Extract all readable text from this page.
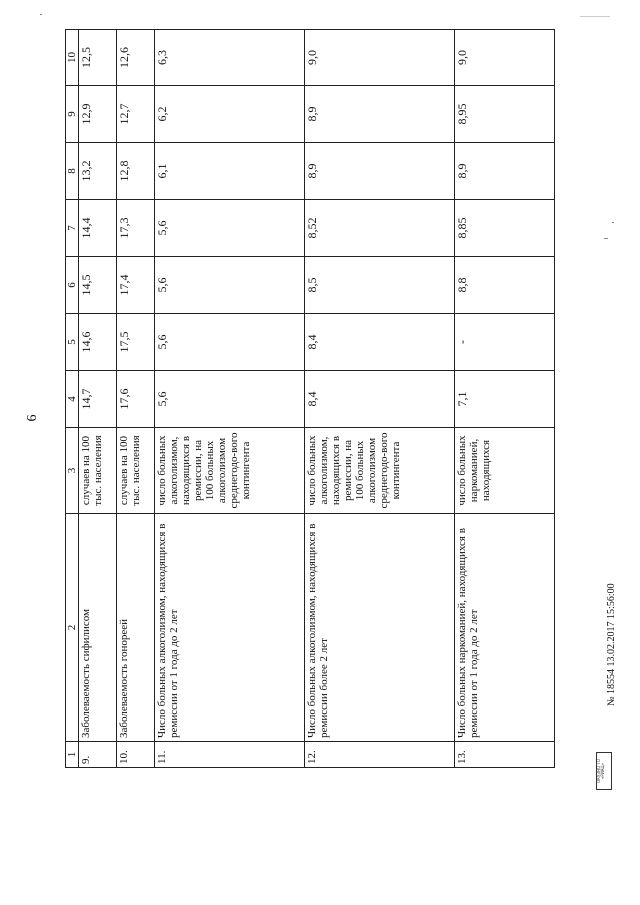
6
1	2	3	4	5	6	7	8	9	10
9.	Заболеваемость сифилисом	случаев на 100 тыс. населения	14,7	14,6	14,5	14,4	13,2	12,9	12,5
10.	Заболеваемость гонореей	случаев на 100 тыс. населения	17,6	17,5	17,4	17,3	12,8	12,7	12,6
11.	Число больных алкоголизмом, находящихся в ремиссии от 1 года до 2 лет	число больных алкоголизмом, находящихся в ремиссии, на 100 больных алкоголизмом среднегодо-вого контингента	5,6	5,6	5,6	5,6	6,1	6,2	6,3
12.	Число больных алкоголизмом, находящихся в ремиссии более 2 лет	число больных алкоголизмом, находящихся в ремиссии, на 100 больных алкоголизмом среднегодо-вого контингента	8,4	8,4	8,5	8,52	8,9	8,9	9,0
13.	Число больных наркоманией, находящихся в ремиссии от 1 года до 2 лет	число больных наркоманией, находящихся	7,1	-	8,8	8,85	8,9	8,95	9,0
ОКУЗНО ТО «РИАЦ»
№ 18554 13.02.2017 15:56:00
